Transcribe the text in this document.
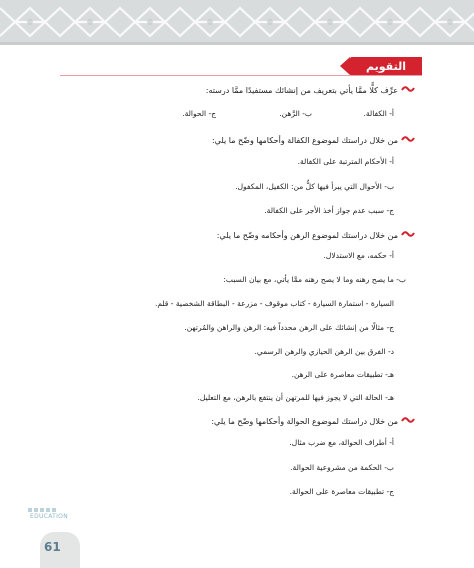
التقويم
عرِّف كلًّا ممَّا يأتي بتعريف من إنشائك مستفيدًا ممَّا درسته:
أ- الكفالة.
ب- الرَّهن.
ج- الحوالة.
من خلال دراستك لموضوع الكفالة وأحكامها وضّح ما يلي:
أ- الأحكام المترتبة على الكفالة.
ب- الأحوال التي يبرأ فيها كلٌّ من: الكفيل، المكفول.
ج- سبب عدم جواز أخذ الأجر على الكفالة.
من خلال دراستك لموضوع الرهن وأحكامه وضّح ما يلي:
أ- حكمه، مع الاستدلال.
ب- ما يصح رهنه وما لا يصح رهنه ممَّا يأتي، مع بيان السبب:
السيارة - استمارة السيارة - كتاب موقوف - مزرعة - البطاقة الشخصية - قلم.
ج- مثالًا من إنشائك على الرهن محدداً فيه: الرهن والراهن والمُرتهن.
د- الفرق بين الرهن الحيازي والرهن الرسمي.
هـ- تطبيقات معاصرة على الرهن.
هـ- الحالة التي لا يجوز فيها للمرتهن أن ينتفع بالرهن، مع التعليل.
من خلال دراستك لموضوع الحوالة وأحكامها وضّح ما يلي:
أ- أطراف الحوالة، مع ضرب مثال.
ب- الحكمة من مشروعية الحوالة.
ج- تطبيقات معاصرة على الحوالة.
EDUCATION
61
